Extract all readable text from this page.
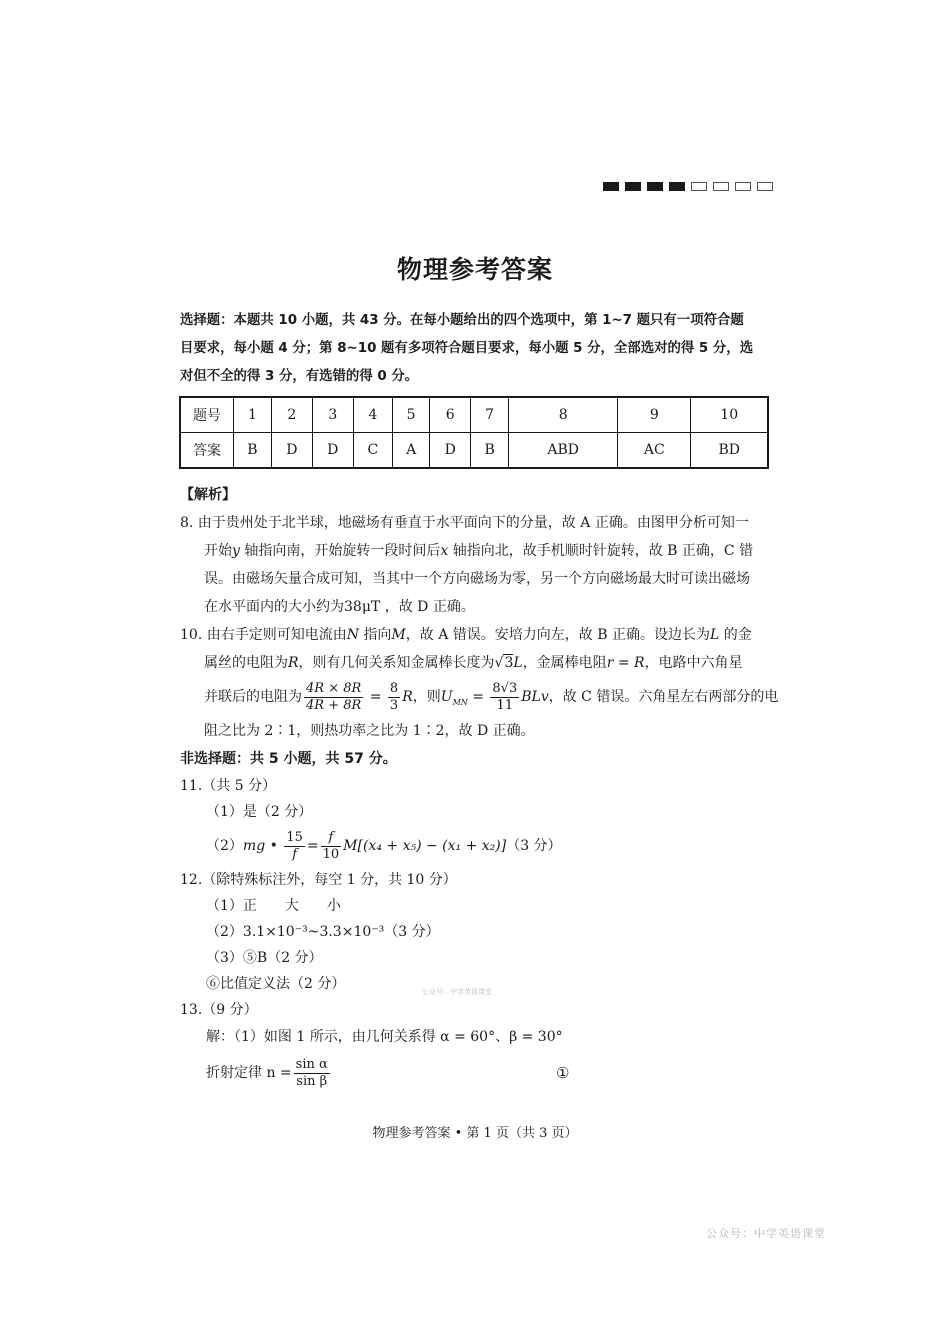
物理参考答案
选择题：本题共 10 小题，共 43 分。在每小题给出的四个选项中，第 1~7 题只有一项符合题
目要求，每小题 4 分；第 8~10 题有多项符合题目要求，每小题 5 分，全部选对的得 5 分，选
对但不全的得 3 分，有选错的得 0 分。
题号	1	2	3	4	5	6	7	8	9	10
答案	B	D	D	C	A	D	B	ABD	AC	BD
【解析】
8. 由于贵州处于北半球，地磁场有垂直于水平面向下的分量，故 A 正确。由图甲分析可知一
开始y 轴指向南，开始旋转一段时间后x 轴指向北，故手机顺时针旋转，故 B 正确，C 错
误。由磁场矢量合成可知，当其中一个方向磁场为零，另一个方向磁场最大时可读出磁场
在水平面内的大小约为38μT ，故 D 正确。
10. 由右手定则可知电流由N 指向M，故 A 错误。安培力向左，故 B 正确。设边长为L 的金
属丝的电阻为R，则有几何关系知金属棒长度为√3L，金属棒电阻r = R，电路中六角星
并联后的电阻为 $\frac{4R \times 8R}{4R + 8R} = \frac{8}{3}$ R，则$U_{MN} = \frac{8√3}{11}$ BLv，故 C 错误。六角星左右两部分的电
阻之比为 2∶1，则热功率之比为 1∶2，故 D 正确。
非选择题：共 5 小题，共 57 分。
11.（共 5 分）
（1）是（2 分）
（2）mg • $\frac{15}{f} = \frac{f}{10} M[(x_4 + x_5) - (x_1 + x_2)](3$ 分）
12.（除特殊标注外，每空 1 分，共 10 分）
（1）正　　大　　小
（2）3.1×10⁻³~3.3×10⁻³（3 分）
（3）⑤B（2 分）
⑥比值定义法（2 分）
13.（9 分）
解：（1）如图 1 所示，由几何关系得 α = 60°、β = 30°
折射定律 $n = \frac{\text{sin α}}{\text{sin β}}$	①
公众号：中学英语课堂
物理参考答案 • 第 1 页（共 3 页）
公众号：中学英语课堂
